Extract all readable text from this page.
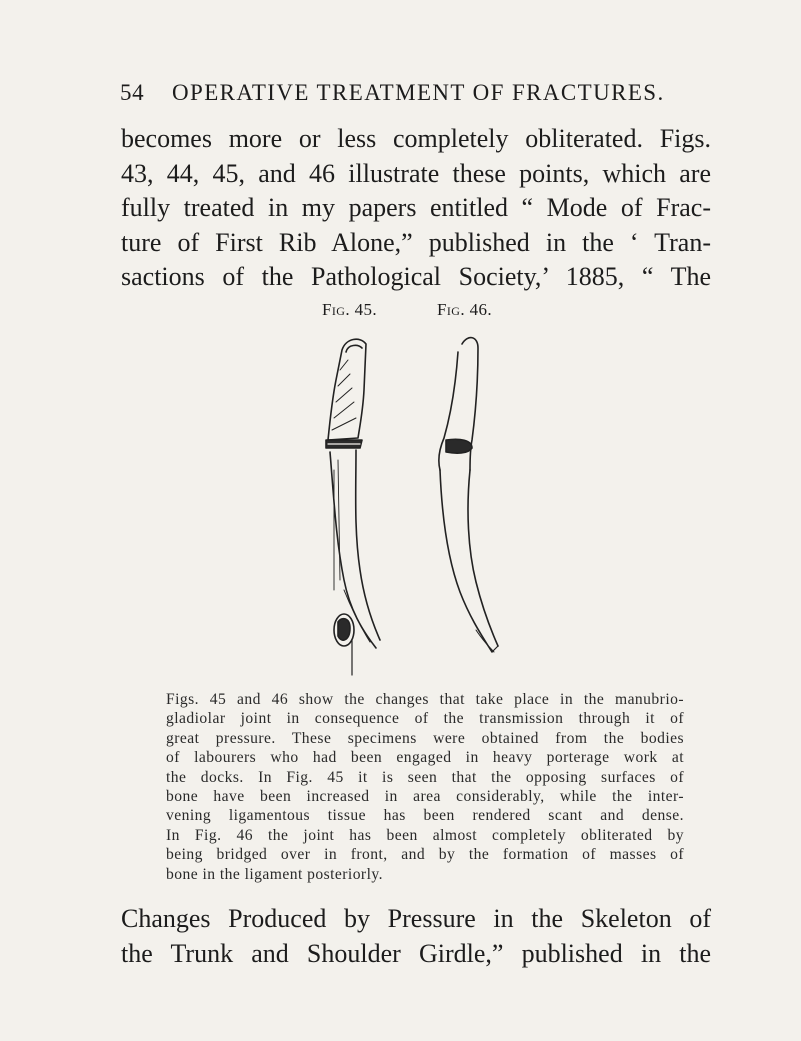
54	OPERATIVE TREATMENT OF FRACTURES.
becomes more or less completely obliterated. Figs.
43, 44, 45, and 46 illustrate these points, which are
fully treated in my papers entitled “ Mode of Frac-
ture of First Rib Alone,” published in the ‘ Tran-
sactions of the Pathological Society,’ 1885, “ The
Fig. 45.	Fig. 46.
Figs. 45 and 46 show the changes that take place in the manubrio-
gladiolar joint in consequence of the transmission through it of
great pressure. These specimens were obtained from the bodies
of labourers who had been engaged in heavy porterage work at
the docks. In Fig. 45 it is seen that the opposing surfaces of
bone have been increased in area considerably, while the inter-
vening ligamentous tissue has been rendered scant and dense.
In Fig. 46 the joint has been almost completely obliterated by
being bridged over in front, and by the formation of masses of
bone in the ligament posteriorly.
Changes Produced by Pressure in the Skeleton of
the Trunk and Shoulder Girdle,” published in the
